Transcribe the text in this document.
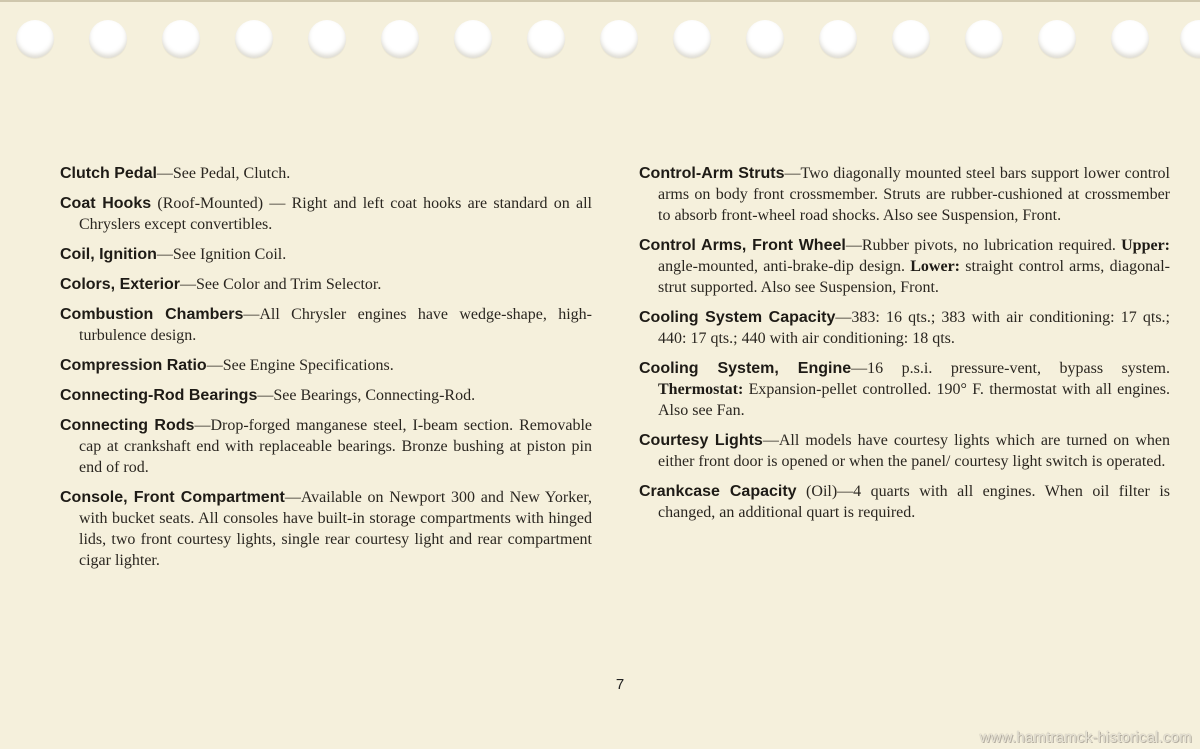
Clutch Pedal—See Pedal, Clutch.

Coat Hooks (Roof-Mounted) — Right and left coat hooks are standard on all Chryslers except convertibles.

Coil, Ignition—See Ignition Coil.

Colors, Exterior—See Color and Trim Selector.

Combustion Chambers—All Chrysler engines have wedge-shape, high-turbulence design.

Compression Ratio—See Engine Specifications.

Connecting-Rod Bearings—See Bearings, Connecting-Rod.

Connecting Rods—Drop-forged manganese steel, I-beam section. Removable cap at crankshaft end with replaceable bearings. Bronze bushing at piston pin end of rod.

Console, Front Compartment—Available on Newport 300 and New Yorker, with bucket seats. All consoles have built-in storage compartments with hinged lids, two front courtesy lights, single rear courtesy light and rear compartment cigar lighter.

Control-Arm Struts—Two diagonally mounted steel bars support lower control arms on body front crossmember. Struts are rubber-cushioned at crossmember to absorb front-wheel road shocks. Also see Suspension, Front.

Control Arms, Front Wheel—Rubber pivots, no lubrication required. Upper: angle-mounted, anti-brake-dip design. Lower: straight control arms, diagonal-strut supported. Also see Suspension, Front.

Cooling System Capacity—383: 16 qts.; 383 with air conditioning: 17 qts.; 440: 17 qts.; 440 with air conditioning: 18 qts.

Cooling System, Engine—16 p.s.i. pressure-vent, bypass system. Thermostat: Expansion-pellet controlled. 190° F. thermostat with all engines. Also see Fan.

Courtesy Lights—All models have courtesy lights which are turned on when either front door is opened or when the panel/ courtesy light switch is operated.

Crankcase Capacity (Oil)—4 quarts with all engines. When oil filter is changed, an additional quart is required.

7
www.hamtramck-historical.com
